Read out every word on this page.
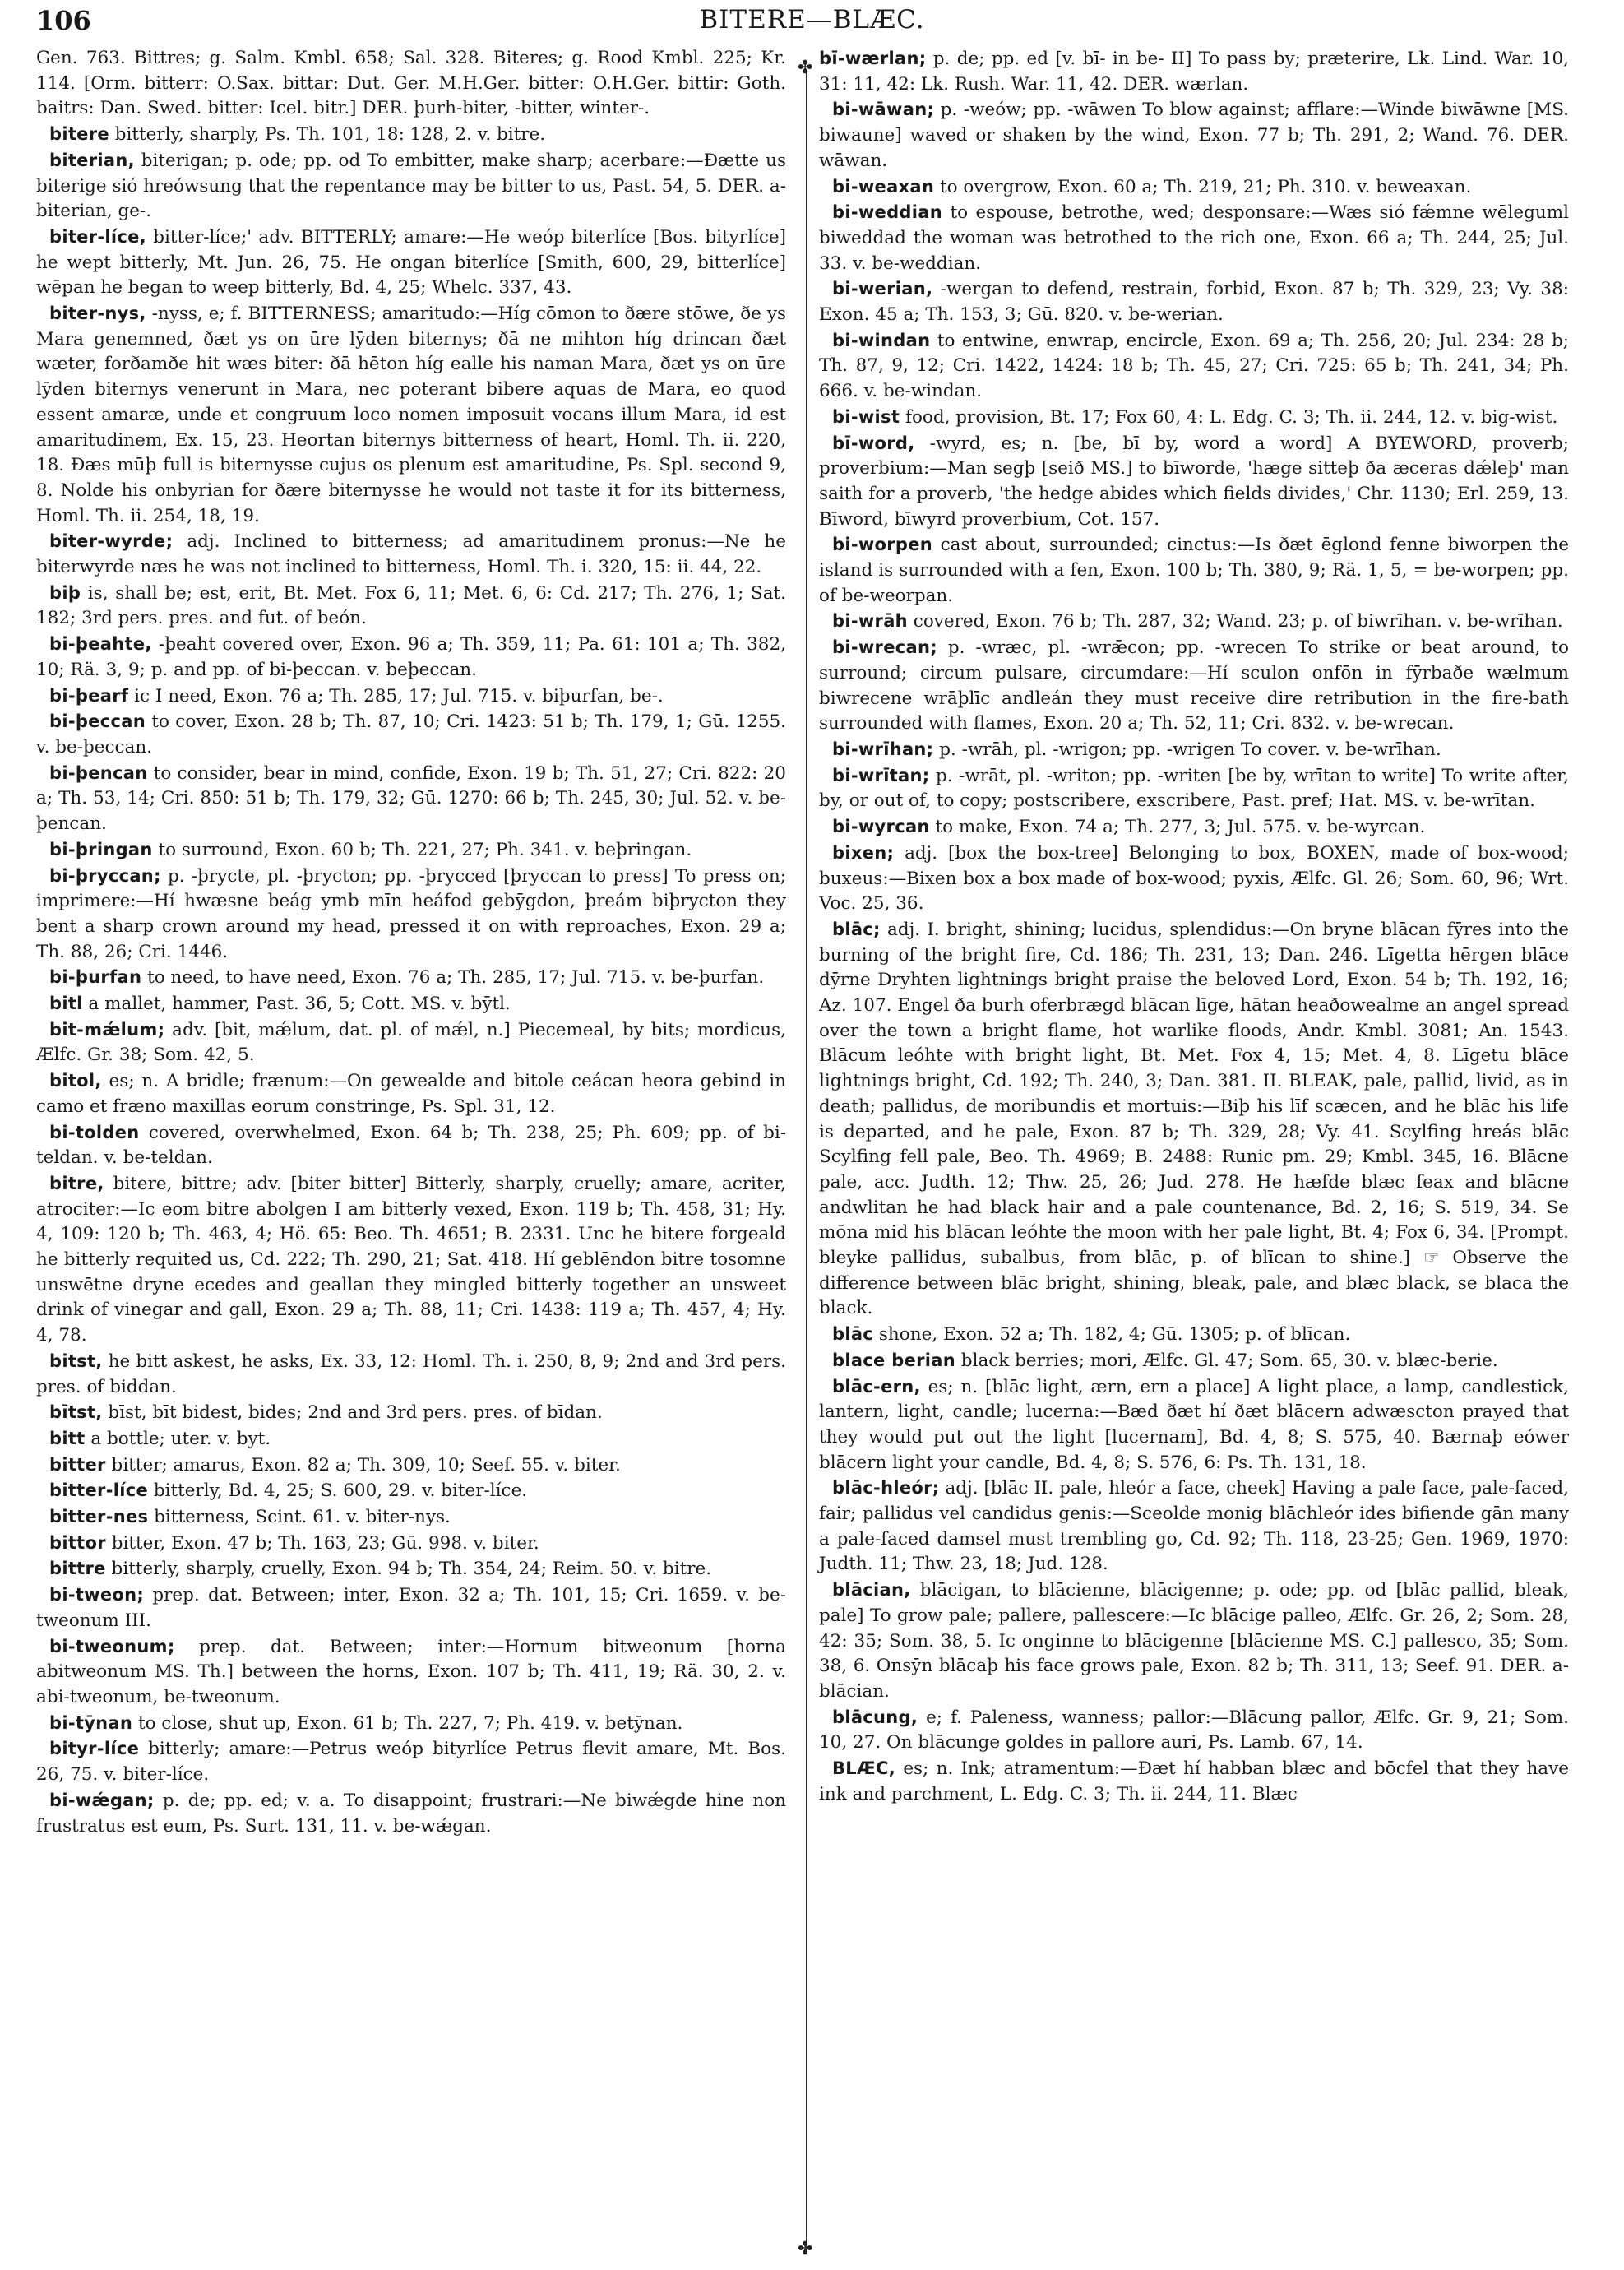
106	BITERE—BLÆC.
✤
✤

Gen. 763. Bittres; g. Salm. Kmbl. 658; Sal. 328. Biteres; g. Rood Kmbl. 225; Kr. 114. [Orm. bitterr: O.Sax. bittar: Dut. Ger. M.H.Ger. bitter: O.H.Ger. bittir: Goth. baitrs: Dan. Swed. bitter: Icel. bitr.] DER. þurh-biter, -bitter, winter-.

bitere bitterly, sharply, Ps. Th. 101, 18: 128, 2. v. bitre.

biterian, biterigan; p. ode; pp. od To embitter, make sharp; acerbare:—Ðætte us biterige sió hreówsung that the repentance may be bitter to us, Past. 54, 5. DER. a-biterian, ge-.

biter-líce, bitter-líce;' adv. BITTERLY; amare:—He weóp biterlíce [Bos. bityrlíce] he wept bitterly, Mt. Jun. 26, 75. He ongan biterlíce [Smith, 600, 29, bitterlíce] wēpan he began to weep bitterly, Bd. 4, 25; Whelc. 337, 43.

biter-nys, -nyss, e; f. BITTERNESS; amaritudo:—Híg cōmon to ðære stōwe, ðe ys Mara genemned, ðæt ys on ūre lȳden biternys; ðā ne mihton híg drincan ðæt wæter, forðamðe hit wæs biter: ðā hēton híg ealle his naman Mara, ðæt ys on ūre lȳden biternys venerunt in Mara, nec poterant bibere aquas de Mara, eo quod essent amaræ, unde et congruum loco nomen imposuit vocans illum Mara, id est amaritudinem, Ex. 15, 23. Heortan biternys bitterness of heart, Homl. Th. ii. 220, 18. Ðæs mūþ full is biternysse cujus os plenum est amaritudine, Ps. Spl. second 9, 8. Nolde his onbyrian for ðære biternysse he would not taste it for its bitterness, Homl. Th. ii. 254, 18, 19.

biter-wyrde; adj. Inclined to bitterness; ad amaritudinem pronus:—Ne he biterwyrde næs he was not inclined to bitterness, Homl. Th. i. 320, 15: ii. 44, 22.

biþ is, shall be; est, erit, Bt. Met. Fox 6, 11; Met. 6, 6: Cd. 217; Th. 276, 1; Sat. 182; 3rd pers. pres. and fut. of beón.

bi-þeahte, -þeaht covered over, Exon. 96 a; Th. 359, 11; Pa. 61: 101 a; Th. 382, 10; Rä. 3, 9; p. and pp. of bi-þeccan. v. beþeccan.

bi-þearf ic I need, Exon. 76 a; Th. 285, 17; Jul. 715. v. biþurfan, be-.

bi-þeccan to cover, Exon. 28 b; Th. 87, 10; Cri. 1423: 51 b; Th. 179, 1; Gū. 1255. v. be-þeccan.

bi-þencan to consider, bear in mind, confide, Exon. 19 b; Th. 51, 27; Cri. 822: 20 a; Th. 53, 14; Cri. 850: 51 b; Th. 179, 32; Gū. 1270: 66 b; Th. 245, 30; Jul. 52. v. be-þencan.

bi-þringan to surround, Exon. 60 b; Th. 221, 27; Ph. 341. v. beþringan.

bi-þryccan; p. -þrycte, pl. -þrycton; pp. -þrycced [þryccan to press] To press on; imprimere:—Hí hwæsne beág ymb mīn heáfod gebȳgdon, þreám biþrycton they bent a sharp crown around my head, pressed it on with reproaches, Exon. 29 a; Th. 88, 26; Cri. 1446.

bi-þurfan to need, to have need, Exon. 76 a; Th. 285, 17; Jul. 715. v. be-þurfan.

bitl a mallet, hammer, Past. 36, 5; Cott. MS. v. bȳtl.

bit-mǽlum; adv. [bit, mǽlum, dat. pl. of mǽl, n.] Piecemeal, by bits; mordicus, Ælfc. Gr. 38; Som. 42, 5.

bitol, es; n. A bridle; frænum:—On gewealde and bitole ceácan heora gebind in camo et fræno maxillas eorum constringe, Ps. Spl. 31, 12.

bi-tolden covered, overwhelmed, Exon. 64 b; Th. 238, 25; Ph. 609; pp. of bi-teldan. v. be-teldan.

bitre, bitere, bittre; adv. [biter bitter] Bitterly, sharply, cruelly; amare, acriter, atrociter:—Ic eom bitre abolgen I am bitterly vexed, Exon. 119 b; Th. 458, 31; Hy. 4, 109: 120 b; Th. 463, 4; Hö. 65: Beo. Th. 4651; B. 2331. Unc he bitere forgeald he bitterly requited us, Cd. 222; Th. 290, 21; Sat. 418. Hí geblēndon bitre tosomne unswētne dryne ecedes and geallan they mingled bitterly together an unsweet drink of vinegar and gall, Exon. 29 a; Th. 88, 11; Cri. 1438: 119 a; Th. 457, 4; Hy. 4, 78.

bitst, he bitt askest, he asks, Ex. 33, 12: Homl. Th. i. 250, 8, 9; 2nd and 3rd pers. pres. of biddan.

bītst, bīst, bīt bidest, bides; 2nd and 3rd pers. pres. of bīdan.

bitt a bottle; uter. v. byt.

bitter bitter; amarus, Exon. 82 a; Th. 309, 10; Seef. 55. v. biter.

bitter-líce bitterly, Bd. 4, 25; S. 600, 29. v. biter-líce.

bitter-nes bitterness, Scint. 61. v. biter-nys.

bittor bitter, Exon. 47 b; Th. 163, 23; Gū. 998. v. biter.

bittre bitterly, sharply, cruelly, Exon. 94 b; Th. 354, 24; Reim. 50. v. bitre.

bi-tweon; prep. dat. Between; inter, Exon. 32 a; Th. 101, 15; Cri. 1659. v. be-tweonum III.

bi-tweonum; prep. dat. Between; inter:—Hornum bitweonum [horna abitweonum MS. Th.] between the horns, Exon. 107 b; Th. 411, 19; Rä. 30, 2. v. abi-tweonum, be-tweonum.

bi-tȳnan to close, shut up, Exon. 61 b; Th. 227, 7; Ph. 419. v. betȳnan.

bityr-líce bitterly; amare:—Petrus weóp bityrlíce Petrus flevit amare, Mt. Bos. 26, 75. v. biter-líce.

bi-wǽgan; p. de; pp. ed; v. a. To disappoint; frustrari:—Ne biwǽgde hine non frustratus est eum, Ps. Surt. 131, 11. v. be-wǽgan.

bī-wærlan; p. de; pp. ed [v. bī- in be- II] To pass by; præterire, Lk. Lind. War. 10, 31: 11, 42: Lk. Rush. War. 11, 42. DER. wærlan.

bi-wāwan; p. -weów; pp. -wāwen To blow against; afflare:—Winde biwāwne [MS. biwaune] waved or shaken by the wind, Exon. 77 b; Th. 291, 2; Wand. 76. DER. wāwan.

bi-weaxan to overgrow, Exon. 60 a; Th. 219, 21; Ph. 310. v. beweaxan.

bi-weddian to espouse, betrothe, wed; desponsare:—Wæs sió fǽmne wēleguml biweddad the woman was betrothed to the rich one, Exon. 66 a; Th. 244, 25; Jul. 33. v. be-weddian.

bi-werian, -wergan to defend, restrain, forbid, Exon. 87 b; Th. 329, 23; Vy. 38: Exon. 45 a; Th. 153, 3; Gū. 820. v. be-werian.

bi-windan to entwine, enwrap, encircle, Exon. 69 a; Th. 256, 20; Jul. 234: 28 b; Th. 87, 9, 12; Cri. 1422, 1424: 18 b; Th. 45, 27; Cri. 725: 65 b; Th. 241, 34; Ph. 666. v. be-windan.

bi-wist food, provision, Bt. 17; Fox 60, 4: L. Edg. C. 3; Th. ii. 244, 12. v. big-wist.

bī-word, -wyrd, es; n. [be, bī by, word a word] A BYEWORD, proverb; proverbium:—Man segþ [seið MS.] to bīworde, 'hæge sitteþ ða æceras dǽleþ' man saith for a proverb, 'the hedge abides which fields divides,' Chr. 1130; Erl. 259, 13. Bīword, bīwyrd proverbium, Cot. 157.

bi-worpen cast about, surrounded; cinctus:—Is ðæt ēglond fenne biworpen the island is surrounded with a fen, Exon. 100 b; Th. 380, 9; Rä. 1, 5, = be-worpen; pp. of be-weorpan.

bi-wrāh covered, Exon. 76 b; Th. 287, 32; Wand. 23; p. of biwrīhan. v. be-wrīhan.

bi-wrecan; p. -wræc, pl. -wrǣcon; pp. -wrecen To strike or beat around, to surround; circum pulsare, circumdare:—Hí sculon onfōn in fȳrbaðe wælmum biwrecene wrāþlīc andleán they must receive dire retribution in the fire-bath surrounded with flames, Exon. 20 a; Th. 52, 11; Cri. 832. v. be-wrecan.

bi-wrīhan; p. -wrāh, pl. -wrigon; pp. -wrigen To cover. v. be-wrīhan.

bi-wrītan; p. -wrāt, pl. -writon; pp. -writen [be by, wrītan to write] To write after, by, or out of, to copy; postscribere, exscribere, Past. pref; Hat. MS. v. be-wrītan.

bi-wyrcan to make, Exon. 74 a; Th. 277, 3; Jul. 575. v. be-wyrcan.

bixen; adj. [box the box-tree] Belonging to box, BOXEN, made of box-wood; buxeus:—Bixen box a box made of box-wood; pyxis, Ælfc. Gl. 26; Som. 60, 96; Wrt. Voc. 25, 36.

blāc; adj. I. bright, shining; lucidus, splendidus:—On bryne blācan fȳres into the burning of the bright fire, Cd. 186; Th. 231, 13; Dan. 246. Līgetta hērgen blāce dȳrne Dryhten lightnings bright praise the beloved Lord, Exon. 54 b; Th. 192, 16; Az. 107. Engel ða burh oferbrægd blācan līge, hātan heaðowealme an angel spread over the town a bright flame, hot warlike floods, Andr. Kmbl. 3081; An. 1543. Blācum leóhte with bright light, Bt. Met. Fox 4, 15; Met. 4, 8. Līgetu blāce lightnings bright, Cd. 192; Th. 240, 3; Dan. 381. II. BLEAK, pale, pallid, livid, as in death; pallidus, de moribundis et mortuis:—Biþ his līf scæcen, and he blāc his life is departed, and he pale, Exon. 87 b; Th. 329, 28; Vy. 41. Scylfing hreás blāc Scylfing fell pale, Beo. Th. 4969; B. 2488: Runic pm. 29; Kmbl. 345, 16. Blācne pale, acc. Judth. 12; Thw. 25, 26; Jud. 278. He hæfde blæc feax and blācne andwlitan he had black hair and a pale countenance, Bd. 2, 16; S. 519, 34. Se mōna mid his blācan leóhte the moon with her pale light, Bt. 4; Fox 6, 34. [Prompt. bleyke pallidus, subalbus, from blāc, p. of blīcan to shine.] ☞ Observe the difference between blāc bright, shining, bleak, pale, and blæc black, se blaca the black.

blāc shone, Exon. 52 a; Th. 182, 4; Gū. 1305; p. of blīcan.

blace berian black berries; mori, Ælfc. Gl. 47; Som. 65, 30. v. blæc-berie.

blāc-ern, es; n. [blāc light, ærn, ern a place] A light place, a lamp, candlestick, lantern, light, candle; lucerna:—Bæd ðæt hí ðæt blācern adwæscton prayed that they would put out the light [lucernam], Bd. 4, 8; S. 575, 40. Bærnaþ eówer blācern light your candle, Bd. 4, 8; S. 576, 6: Ps. Th. 131, 18.

blāc-hleór; adj. [blāc II. pale, hleór a face, cheek] Having a pale face, pale-faced, fair; pallidus vel candidus genis:—Sceolde monig blāchleór ides bifiende gān many a pale-faced damsel must trembling go, Cd. 92; Th. 118, 23-25; Gen. 1969, 1970: Judth. 11; Thw. 23, 18; Jud. 128.

blācian, blācigan, to blācienne, blācigenne; p. ode; pp. od [blāc pallid, bleak, pale] To grow pale; pallere, pallescere:—Ic blācige palleo, Ælfc. Gr. 26, 2; Som. 28, 42: 35; Som. 38, 5. Ic onginne to blācigenne [blācienne MS. C.] pallesco, 35; Som. 38, 6. Onsȳn blācaþ his face grows pale, Exon. 82 b; Th. 311, 13; Seef. 91. DER. a-blācian.

blācung, e; f. Paleness, wanness; pallor:—Blācung pallor, Ælfc. Gr. 9, 21; Som. 10, 27. On blācunge goldes in pallore auri, Ps. Lamb. 67, 14.

BLÆC, es; n. Ink; atramentum:—Ðæt hí habban blæc and bōcfel that they have ink and parchment, L. Edg. C. 3; Th. ii. 244, 11. Blæc
